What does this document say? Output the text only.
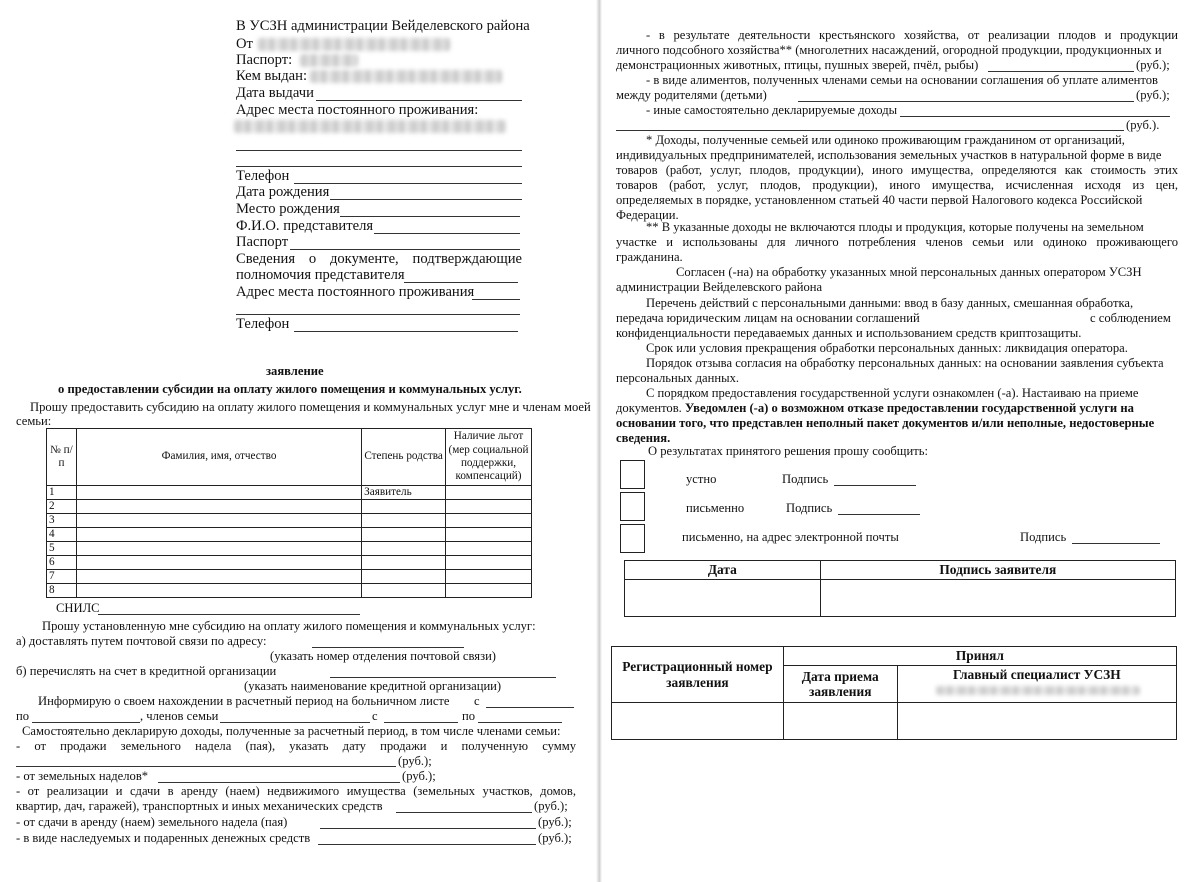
В УСЗН администрации Вейделевского района
От
Паспорт:
Кем выдан:
Дата выдачи
Адрес места постоянного проживания:
Телефон
Дата рождения
Место рождения
Ф.И.О. представителя
Паспорт
Сведения о документе, подтверждающие
полномочия представителя
Адрес места постоянного проживания
Телефон
заявление
о предоставлении субсидии на оплату жилого помещения и коммунальных услуг.
Прошу предоставить субсидию на оплату жилого помещения и коммунальных услуг мне и членам моей
семьи:
№ п/п	Фамилия, имя, отчество	Степень родства	Наличие льгот (мер социальной поддержки, компенсаций)
1		Заявитель	
2			
3			
4			
5			
6			
7			
8			
СНИЛС
Прошу установленную мне субсидию на оплату жилого помещения и коммунальных услуг:
а) доставлять путем почтовой связи по адресу:
(указать номер отделения почтовой связи)
б) перечислять на счет в кредитной организации
(указать наименование кредитной организации)
Информирую о своем нахождении в расчетный период на больничном листе с
по	, членов семьи	с	по
Самостоятельно декларирую доходы, полученные за расчетный период, в том числе членами семьи:
- от продажи земельного надела (пая), указать дату продажи и полученную сумму
(руб.);
- от земельных наделов*	(руб.);
- от реализации и сдачи в аренду (наем) недвижимого имущества (земельных участков, домов,
квартир, дач, гаражей), транспортных и иных механических средств	(руб.);
- от сдачи в аренду (наем) земельного надела (пая)	(руб.);
- в виде наследуемых и подаренных денежных средств	(руб.);
- в результате деятельности крестьянского хозяйства, от реализации плодов и продукции
личного подсобного хозяйства** (многолетних насаждений, огородной продукции, продукционных и
демонстрационных животных, птицы, пушных зверей, пчёл, рыбы)	(руб.);
- в виде алиментов, полученных членами семьи на основании соглашения об уплате алиментов
между родителями (детьми)	(руб.);
- иные самостоятельно декларируемые доходы
(руб.).
* Доходы, полученные семьей или одиноко проживающим гражданином от организаций,
индивидуальных предпринимателей, использования земельных участков в натуральной форме в виде
товаров (работ, услуг, плодов, продукции), иного имущества, определяются как стоимость этих
товаров (работ, услуг, плодов, продукции), иного имущества, исчисленная исходя из цен,
определяемых в порядке, установленном статьей 40 части первой Налогового кодекса Российской
Федерации.
** В указанные доходы не включаются плоды и продукция, которые получены на земельном
участке и использованы для личного потребления членов семьи или одиноко проживающего
гражданина.
Согласен (-на) на обработку указанных мной персональных данных оператором УСЗН
администрации Вейделевского района
Перечень действий с персональными данными: ввод в базу данных, смешанная обработка,
передача юридическим лицам на основании соглашений	с соблюдением
конфиденциальности передаваемых данных и использованием средств криптозащиты.
Срок или условия прекращения обработки персональных данных: ликвидация оператора.
Порядок отзыва согласия на обработку персональных данных: на основании заявления субъекта
персональных данных.
С порядком предоставления государственной услуги ознакомлен (-а). Настаиваю на приеме
документов. Уведомлен (-а) о возможном отказе предоставлении государственной услуги на
основании того, что представлен неполный пакет документов и/или неполные, недостоверные
сведения.
О результатах принятого решения прошу сообщить:
устно	Подпись
письменно	Подпись
письменно, на адрес электронной почты	Подпись
Дата	Подпись заявителя

Регистрационный номер заявления	Принял	
	Дата приема заявления	Главный специалист УСЗН
